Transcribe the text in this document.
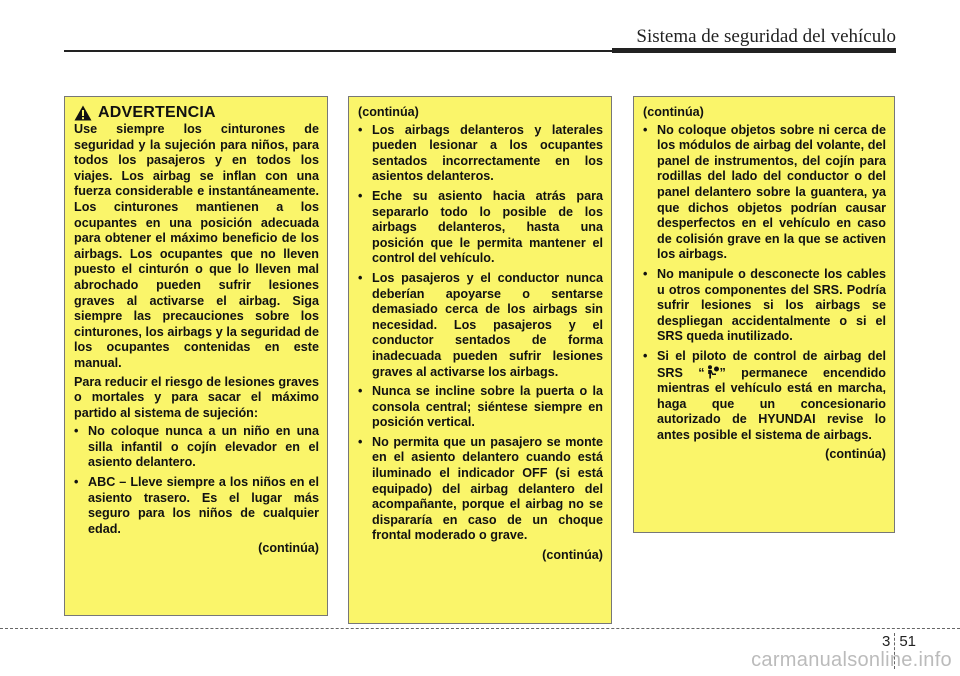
Sistema de seguridad del vehículo
ADVERTENCIA

Use siempre los cinturones de seguridad y la sujeción para niños, para todos los pasajeros y en todos los viajes. Los airbag se inflan con una fuerza considerable e instantáneamente. Los cinturones mantienen a los ocupantes en una posición adecuada para obtener el máximo beneficio de los airbags. Los ocupantes que no lleven puesto el cinturón o que lo lleven mal abrochado pueden sufrir lesiones graves al activarse el airbag. Siga siempre las precauciones sobre los cinturones, los airbags y la seguridad de los ocupantes contenidas en este manual.

Para reducir el riesgo de lesiones graves o mortales y para sacar el máximo partido al sistema de sujeción:

• No coloque nunca a un niño en una silla infantil o cojín elevador en el asiento delantero.
• ABC – Lleve siempre a los niños en el asiento trasero. Es el lugar más seguro para los niños de cualquier edad.
(continúa)
(continúa)
• Los airbags delanteros y laterales pueden lesionar a los ocupantes sentados incorrectamente en los asientos delanteros.
• Eche su asiento hacia atrás para separarlo todo lo posible de los airbags delanteros, hasta una posición que le permita mantener el control del vehículo.
• Los pasajeros y el conductor nunca deberían apoyarse o sentarse demasiado cerca de los airbags sin necesidad. Los pasajeros y el conductor sentados de forma inadecuada pueden sufrir lesiones graves al activarse los airbags.
• Nunca se incline sobre la puerta o la consola central; siéntese siempre en posición vertical.
• No permita que un pasajero se monte en el asiento delantero cuando está iluminado el indicador OFF (si está equipado) del airbag delantero del acompañante, porque el airbag no se dispararía en caso de un choque frontal moderado o grave.
(continúa)
(continúa)
• No coloque objetos sobre ni cerca de los módulos de airbag del volante, del panel de instrumentos, del cojín para rodillas del lado del conductor o del panel delantero sobre la guantera, ya que dichos objetos podrían causar desperfectos en el vehículo en caso de colisión grave en la que se activen los airbags.
• No manipule o desconecte los cables u otros componentes del SRS. Podría sufrir lesiones si los airbags se despliegan accidentalmente o si el SRS queda inutilizado.
• Si el piloto de control de airbag del SRS “ ” permanece encendido mientras el vehículo está en marcha, haga que un concesionario autorizado de HYUNDAI revise lo antes posible el sistema de airbags.
(continúa)
3 51
carmanualsonline.info
